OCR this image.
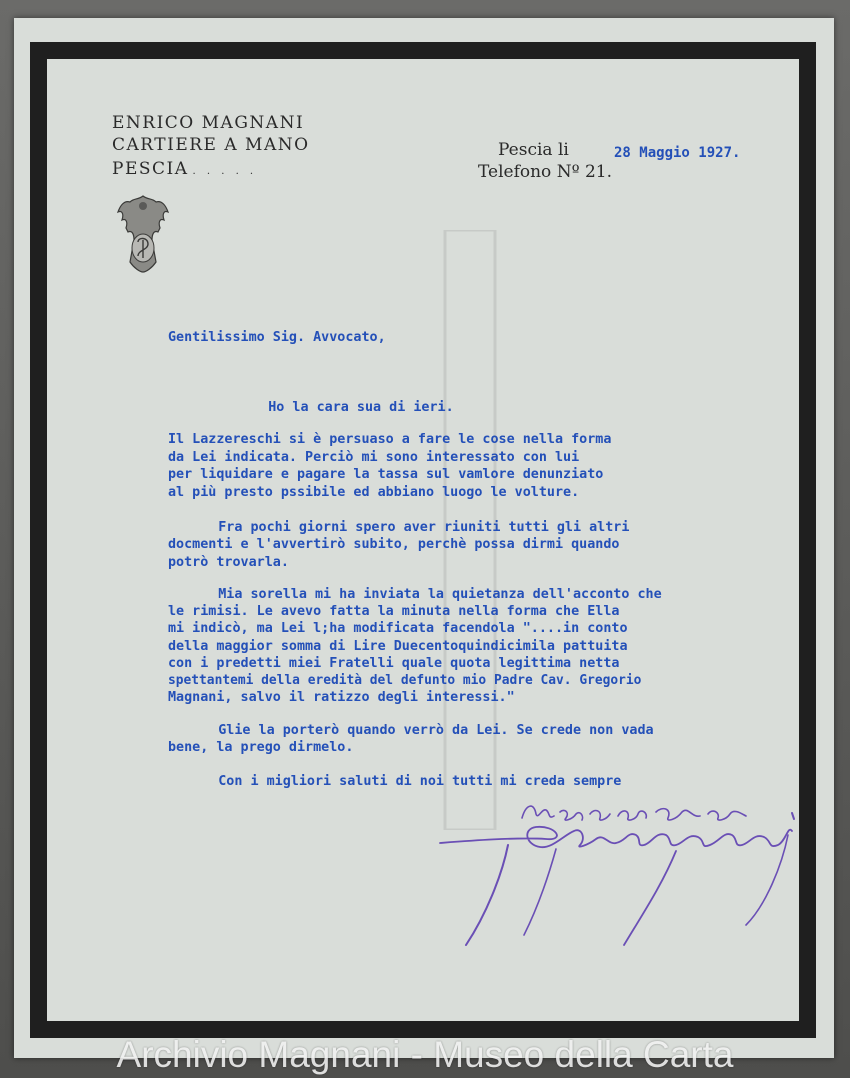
ENRICO MAGNANI
CARTIERE A MANO
PESCIA . . . . .
Pescia li
Telefono Nº 21.
28 Maggio 1927.
Gentilissimo Sig. Avvocato,
Ho la cara sua di ieri.
Il Lazzereschi si è persuaso a fare le cose nella forma
da Lei indicata. Perciò mi sono interessato con lui
per liquidare e pagare la tassa sul vamlore denunziato
al più presto pssibile ed abbiano luogo le volture.
Fra pochi giorni spero aver riuniti tutti gli altri
docmenti e l'avvertirò subito, perchè possa dirmi quando
potrò trovarla.
Mia sorella mi ha inviata la quietanza dell'acconto che
le rimisi. Le avevo fatta la minuta nella forma che Ella
mi indicò, ma Lei l;ha modificata facendola "....in conto
della maggior somma di Lire Duecentoquindicimila pattuita
con i predetti miei Fratelli quale quota legittima netta
spettantemi della eredità del defunto mio Padre Cav. Gregorio
Magnani, salvo il ratizzo degli interessi."
Glie la porterò quando verrò da Lei. Se crede non vada
bene, la prego dirmelo.
Con i migliori saluti di noi tutti mi creda sempre
Archivio Magnani - Museo della Carta
